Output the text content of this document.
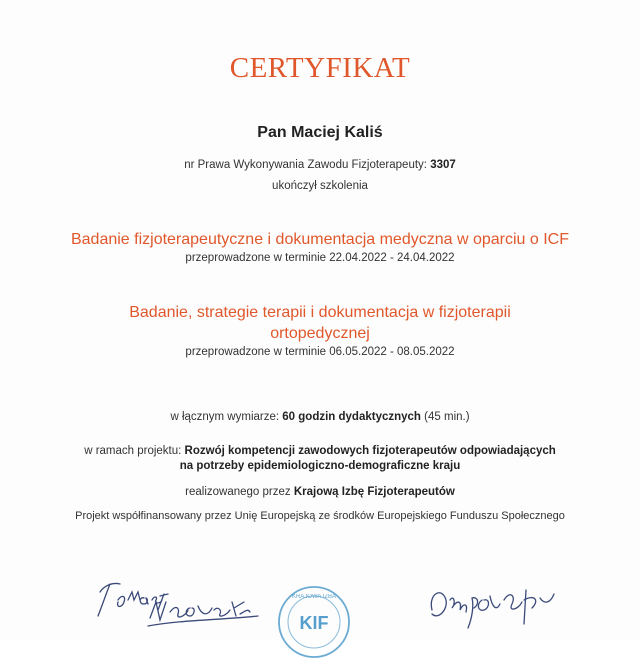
CERTYFIKAT
Pan Maciej Kaliś
nr Prawa Wykonywania Zawodu Fizjoterapeuty: 3307
ukończył szkolenia
Badanie fizjoterapeutyczne i dokumentacja medyczna w oparciu o ICF
przeprowadzone w terminie 22.04.2022 - 24.04.2022
Badanie, strategie terapii i dokumentacja w fizjoterapii
ortopedycznej
przeprowadzone w terminie 06.05.2022 - 08.05.2022
w łącznym wymiarze: 60 godzin dydaktycznych (45 min.)
w ramach projektu: Rozwój kompetencji zawodowych fizjoterapeutów odpowiadających
na potrzeby epidemiologiczno-demograficzne kraju
realizowanego przez Krajową Izbę Fizjoterapeutów
Projekt współfinansowany przez Unię Europejską ze środków Europejskiego Funduszu Społecznego
KRAJOWA IZBA
KIF
